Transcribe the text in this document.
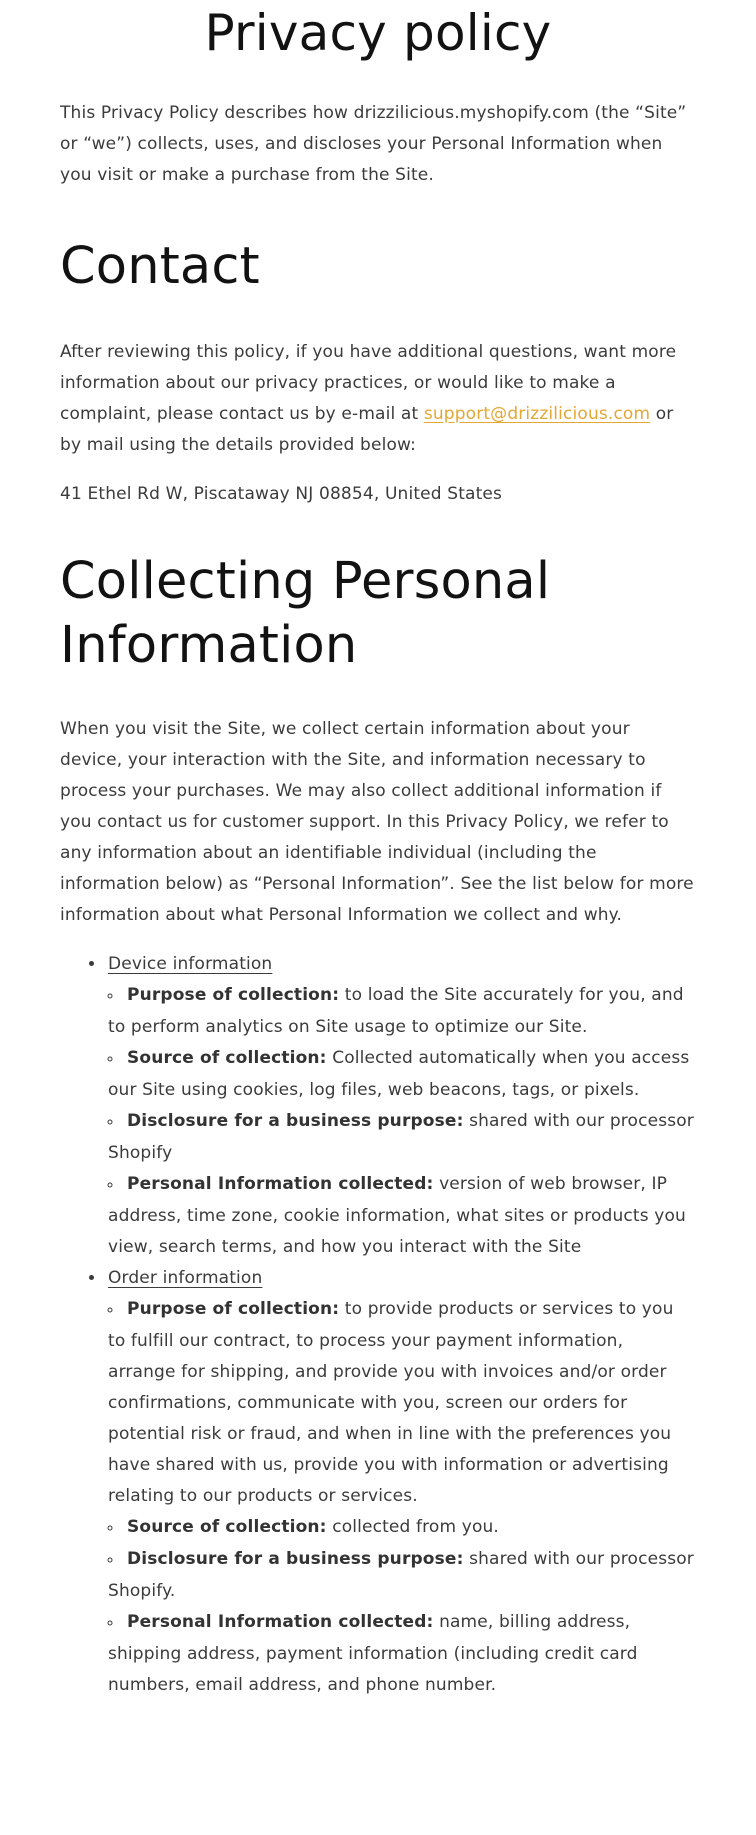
Privacy policy

This Privacy Policy describes how drizzilicious.myshopify.com (the “Site” or “we”) collects, uses, and discloses your Personal Information when you visit or make a purchase from the Site.

Contact

After reviewing this policy, if you have additional questions, want more information about our privacy practices, or would like to make a complaint, please contact us by e-mail at support@drizzilicious.com or by mail using the details provided below:

41 Ethel Rd W, Piscataway NJ 08854, United States

Collecting Personal Information

When you visit the Site, we collect certain information about your device, your interaction with the Site, and information necessary to process your purchases. We may also collect additional information if you contact us for customer support. In this Privacy Policy, we refer to any information about an identifiable individual (including the information below) as “Personal Information”. See the list below for more information about what Personal Information we collect and why.

• Device information
◦ Purpose of collection: to load the Site accurately for you, and to perform analytics on Site usage to optimize our Site.
◦ Source of collection: Collected automatically when you access our Site using cookies, log files, web beacons, tags, or pixels.
◦ Disclosure for a business purpose: shared with our processor Shopify
◦ Personal Information collected: version of web browser, IP address, time zone, cookie information, what sites or products you view, search terms, and how you interact with the Site
• Order information
◦ Purpose of collection: to provide products or services to you to fulfill our contract, to process your payment information, arrange for shipping, and provide you with invoices and/or order confirmations, communicate with you, screen our orders for potential risk or fraud, and when in line with the preferences you have shared with us, provide you with information or advertising relating to our products or services.
◦ Source of collection: collected from you.
◦ Disclosure for a business purpose: shared with our processor Shopify.
◦ Personal Information collected: name, billing address, shipping address, payment information (including credit card numbers, email address, and phone number.
